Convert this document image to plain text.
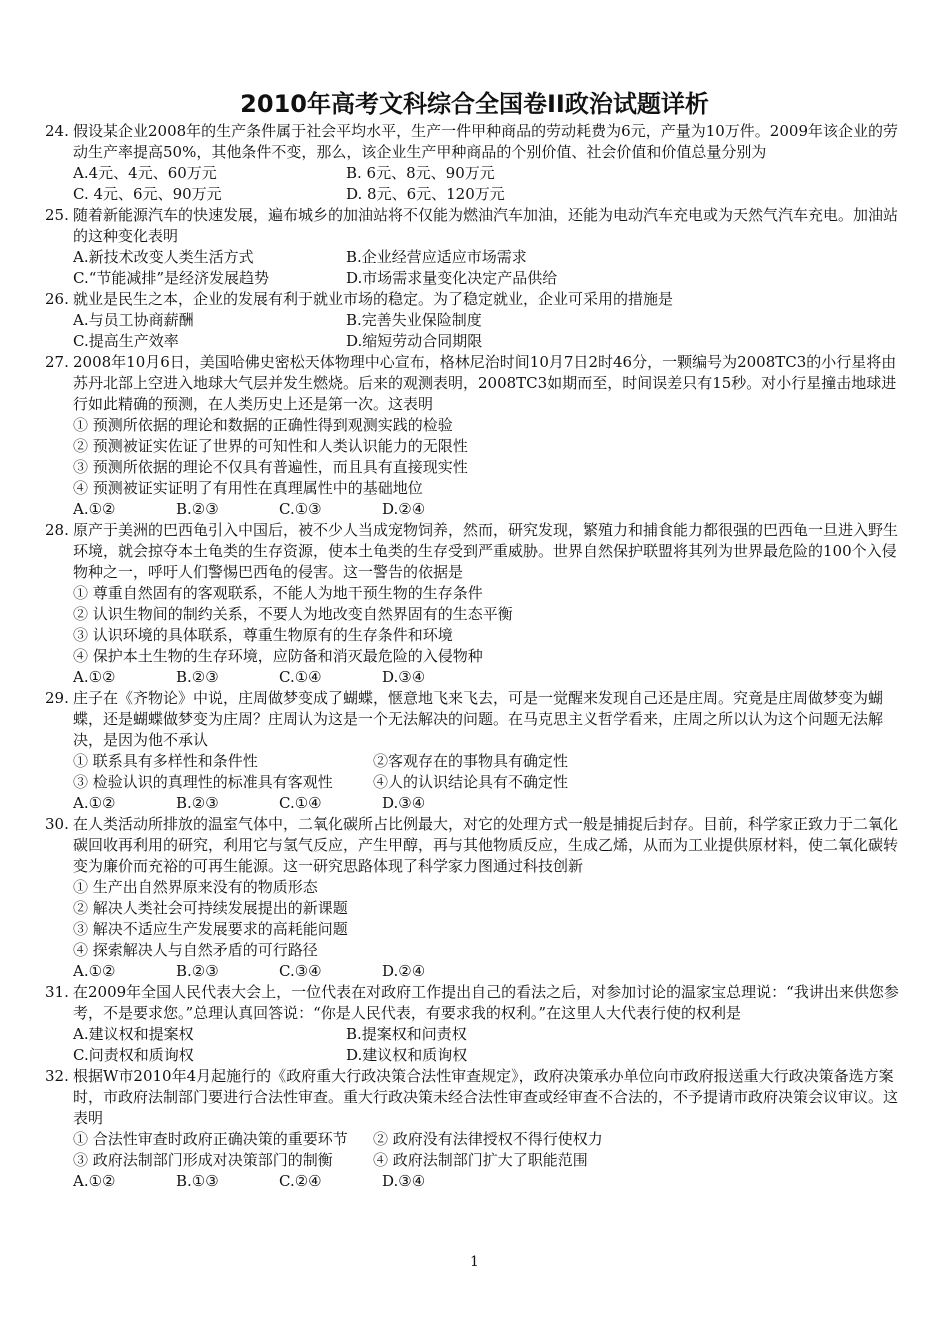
2010年高考文科综合全国卷II政治试题详析
24. 假设某企业2008年的生产条件属于社会平均水平，生产一件甲种商品的劳动耗费为6元，产量为10万件。2009年该企业的劳动生产率提高50%，其他条件不变，那么，该企业生产甲种商品的个别价值、社会价值和价值总量分别为
A.4元、4元、60万元	B. 6元、8元、90万元
C. 4元、6元、90万元	D. 8元、6元、120万元
25. 随着新能源汽车的快速发展，遍布城乡的加油站将不仅能为燃油汽车加油，还能为电动汽车充电或为天然气汽车充电。加油站的这种变化表明
A.新技术改变人类生活方式	B.企业经营应适应市场需求
C.“节能减排”是经济发展趋势	D.市场需求量变化决定产品供给
26. 就业是民生之本，企业的发展有利于就业市场的稳定。为了稳定就业，企业可采用的措施是
A.与员工协商薪酬	B.完善失业保险制度
C.提高生产效率	D.缩短劳动合同期限
27. 2008年10月6日，美国哈佛史密松天体物理中心宣布，格林尼治时间10月7日2时46分，一颗编号为2008TC3的小行星将由苏丹北部上空进入地球大气层并发生燃烧。后来的观测表明，2008TC3如期而至，时间误差只有15秒。对小行星撞击地球进行如此精确的预测，在人类历史上还是第一次。这表明
① 预测所依据的理论和数据的正确性得到观测实践的检验
② 预测被证实佐证了世界的可知性和人类认识能力的无限性
③ 预测所依据的理论不仅具有普遍性，而且具有直接现实性
④ 预测被证实证明了有用性在真理属性中的基础地位
A.①②	B.②③	C.①③	D.②④
28. 原产于美洲的巴西龟引入中国后，被不少人当成宠物饲养，然而，研究发现，繁殖力和捕食能力都很强的巴西龟一旦进入野生环境，就会掠夺本土龟类的生存资源，使本土龟类的生存受到严重威胁。世界自然保护联盟将其列为世界最危险的100个入侵物种之一，呼吁人们警惕巴西龟的侵害。这一警告的依据是
① 尊重自然固有的客观联系，不能人为地干预生物的生存条件
② 认识生物间的制约关系，不要人为地改变自然界固有的生态平衡
③ 认识环境的具体联系，尊重生物原有的生存条件和环境
④ 保护本土生物的生存环境，应防备和消灭最危险的入侵物种
A.①②	B.②③	C.①④	D.③④
29. 庄子在《齐物论》中说，庄周做梦变成了蝴蝶，惬意地飞来飞去，可是一觉醒来发现自己还是庄周。究竟是庄周做梦变为蝴蝶，还是蝴蝶做梦变为庄周？庄周认为这是一个无法解决的问题。在马克思主义哲学看来，庄周之所以认为这个问题无法解决，是因为他不承认
① 联系具有多样性和条件性	②客观存在的事物具有确定性
③ 检验认识的真理性的标准具有客观性	④人的认识结论具有不确定性
A.①②	B.②③	C.①④	D.③④
30. 在人类活动所排放的温室气体中，二氧化碳所占比例最大，对它的处理方式一般是捕捉后封存。目前，科学家正致力于二氧化碳回收再利用的研究，利用它与氢气反应，产生甲醇，再与其他物质反应，生成乙烯，从而为工业提供原材料，使二氧化碳转变为廉价而充裕的可再生能源。这一研究思路体现了科学家力图通过科技创新
① 生产出自然界原来没有的物质形态
② 解决人类社会可持续发展提出的新课题
③ 解决不适应生产发展要求的高耗能问题
④ 探索解决人与自然矛盾的可行路径
A.①②	B.②③	C.③④	D.②④
31. 在2009年全国人民代表大会上，一位代表在对政府工作提出自己的看法之后，对参加讨论的温家宝总理说：“我讲出来供您参考，不是要求您。”总理认真回答说：“你是人民代表，有要求我的权利。”在这里人大代表行使的权利是
A.建议权和提案权	B.提案权和问责权
C.问责权和质询权	D.建议权和质询权
32. 根据W市2010年4月起施行的《政府重大行政决策合法性审查规定》，政府决策承办单位向市政府报送重大行政决策备选方案时，市政府法制部门要进行合法性审查。重大行政决策未经合法性审查或经审查不合法的，不予提请市政府决策会议审议。这表明
① 合法性审查时政府正确决策的重要环节	② 政府没有法律授权不得行使权力
③ 政府法制部门形成对决策部门的制衡	④ 政府法制部门扩大了职能范围
A.①②	B.①③	C.②④	D.③④
1
